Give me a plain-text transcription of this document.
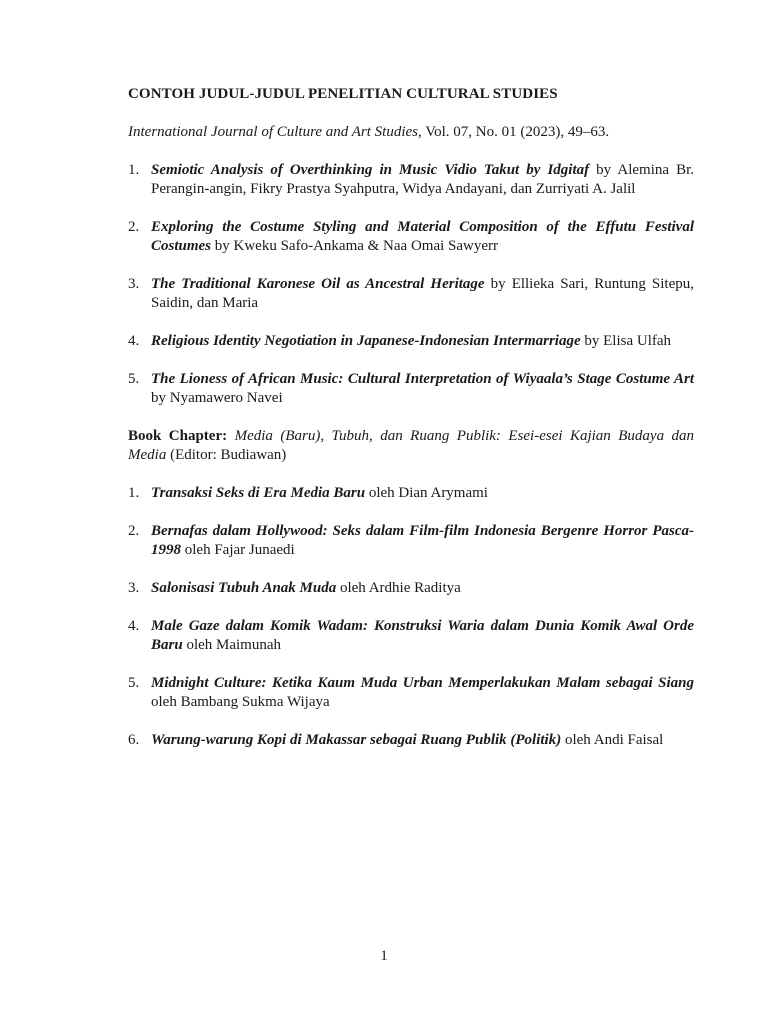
CONTOH JUDUL-JUDUL PENELITIAN CULTURAL STUDIES
International Journal of Culture and Art Studies, Vol. 07, No. 01 (2023), 49–63.
1. Semiotic Analysis of Overthinking in Music Vidio Takut by Idgitaf by Alemina Br. Perangin-angin, Fikry Prastya Syahputra, Widya Andayani, dan Zurriyati A. Jalil
2. Exploring the Costume Styling and Material Composition of the Effutu Festival Costumes by Kweku Safo-Ankama & Naa Omai Sawyerr
3. The Traditional Karonese Oil as Ancestral Heritage by Ellieka Sari, Runtung Sitepu, Saidin, dan Maria
4. Religious Identity Negotiation in Japanese-Indonesian Intermarriage by Elisa Ulfah
5. The Lioness of African Music: Cultural Interpretation of Wiyaala’s Stage Costume Art by Nyamawero Navei
Book Chapter: Media (Baru), Tubuh, dan Ruang Publik: Esei-esei Kajian Budaya dan Media (Editor: Budiawan)
1. Transaksi Seks di Era Media Baru oleh Dian Arymami
2. Bernafas dalam Hollywood: Seks dalam Film-film Indonesia Bergenre Horror Pasca-1998 oleh Fajar Junaedi
3. Salonisasi Tubuh Anak Muda oleh Ardhie Raditya
4. Male Gaze dalam Komik Wadam: Konstruksi Waria dalam Dunia Komik Awal Orde Baru oleh Maimunah
5. Midnight Culture: Ketika Kaum Muda Urban Memperlakukan Malam sebagai Siang oleh Bambang Sukma Wijaya
6. Warung-warung Kopi di Makassar sebagai Ruang Publik (Politik) oleh Andi Faisal
1
